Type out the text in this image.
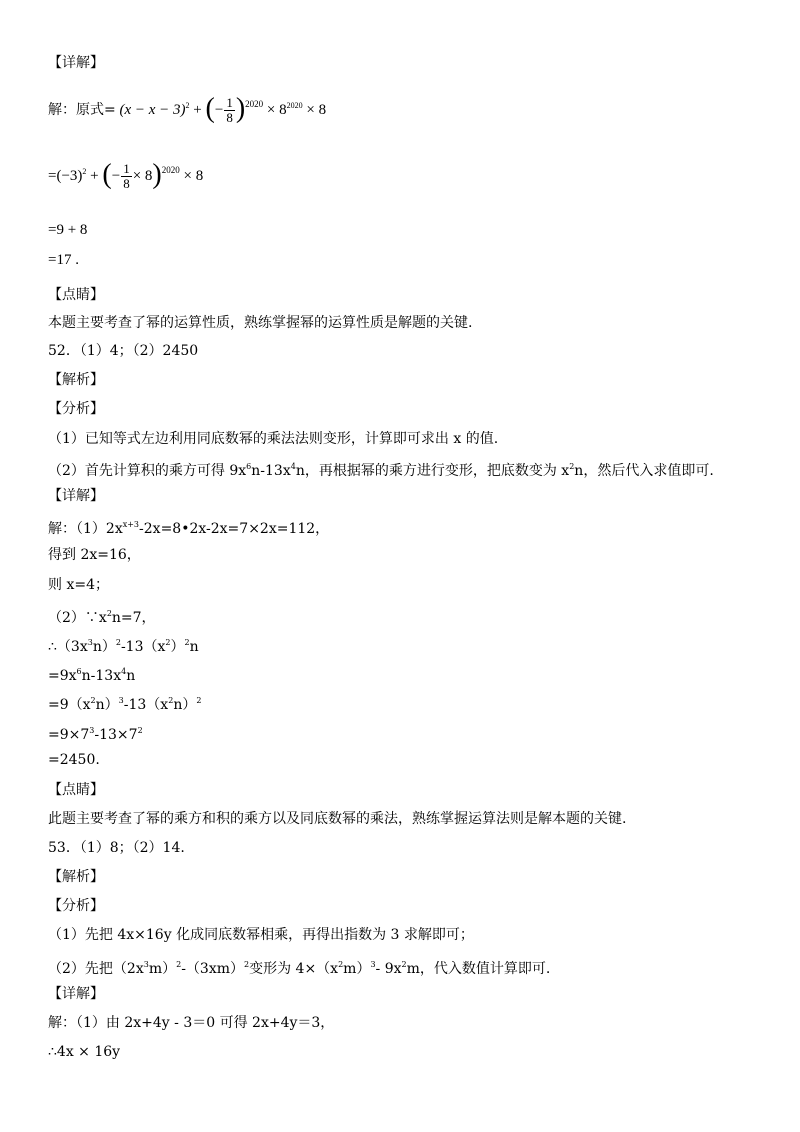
【详解】
解：原式= $(x - x - 3)^2$ + (− $\frac{1}{8} )^{2020} \times 8^{2020} \times 8$
$=(-3)^2$ + (− $\frac{1}{8} \times 8)^{2020} \times 8$
=9 + 8
=17 .
【点睛】
本题主要考查了幂的运算性质，熟练掌握幂的运算性质是解题的关键.
52．（1）4；（2）2450
【解析】
【分析】
（1）已知等式左边利用同底数幂的乘法法则变形，计算即可求出 x 的值.
（2）首先计算积的乘方可得 $9x^6n-13x^4n$，再根据幂的乘方进行变形，把底数变为 $x^2n$，然后代入求值即可.
【详解】
解：$(1)2x^{x+3}-2x=8•2x-2x=7\times 2x=112$，
得到 2x=16，
则 x=4；
$(2)\because x^2n=7$，
$\therefore(3x^3n)^2-13(x^2)^2n$
$=9x^6n-13x^4n$
$=9(x^2n)^3-13(x^2n)^2$
$=9\times 7^3-13\times 7^2$
=2450.
【点睛】
此题主要考查了幂的乘方和积的乘方以及同底数幂的乘法，熟练掌握运算法则是解本题的关键.
53．（1）8；（2）14.
【解析】
【分析】
（1）先把 4x×16y 化成同底数幂相乘，再得出指数为 3 求解即可；
（2）先把$(2x^3m)^2-(3xm)^2$变形为 $4\times(x^2m)^3-$ $9x^2m$，代入数值计算即可.
【详解】
解：（1）由 2x+4y - 3＝0 可得 2x+4y＝3，
∴4x × 16y
